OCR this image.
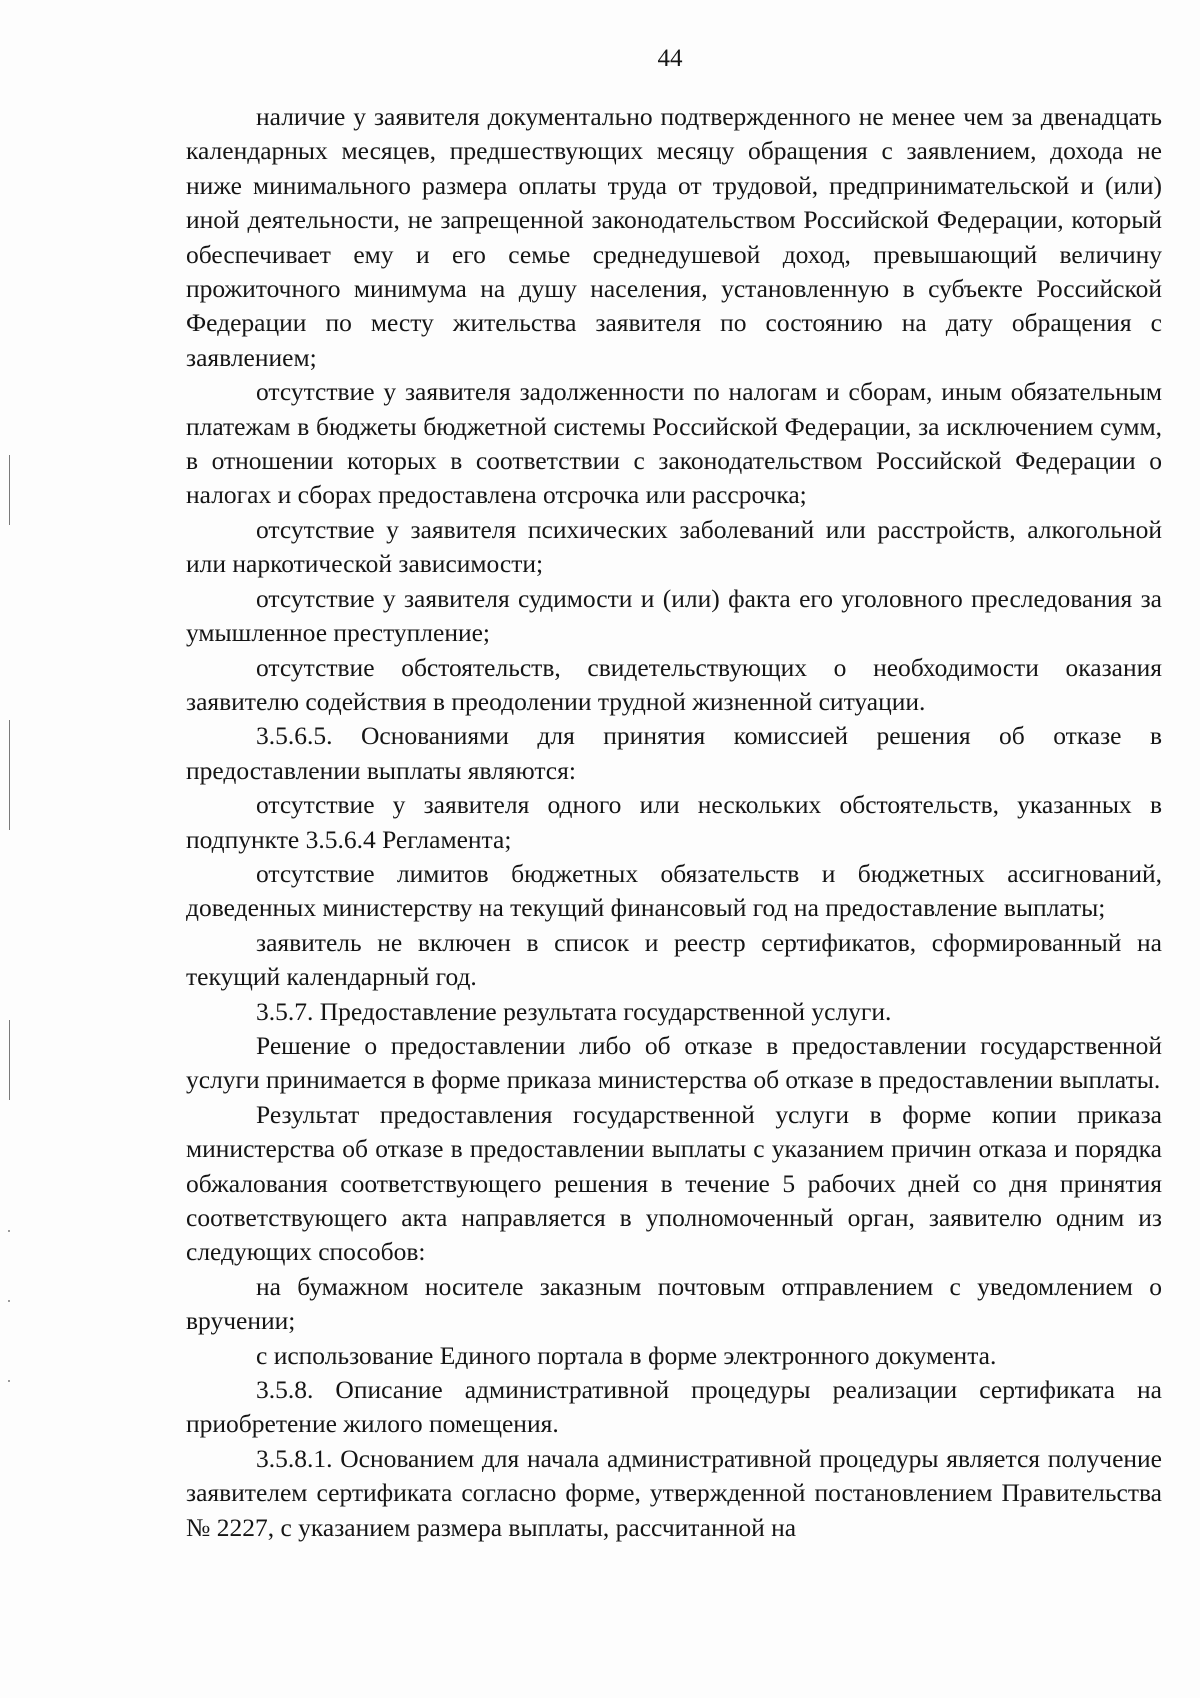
44

наличие у заявителя документально подтвержденного не менее чем за двенадцать календарных месяцев, предшествующих месяцу обращения с заявлением, дохода не ниже минимального размера оплаты труда от трудовой, предпринимательской и (или) иной деятельности, не запрещенной законодательством Российской Федерации, который обеспечивает ему и его семье среднедушевой доход, превышающий величину прожиточного минимума на душу населения, установленную в субъекте Российской Федерации по месту жительства заявителя по состоянию на дату обращения с заявлением;

отсутствие у заявителя задолженности по налогам и сборам, иным обязательным платежам в бюджеты бюджетной системы Российской Федерации, за исключением сумм, в отношении которых в соответствии с законодательством Российской Федерации о налогах и сборах предоставлена отсрочка или рассрочка;

отсутствие у заявителя психических заболеваний или расстройств, алкогольной или наркотической зависимости;

отсутствие у заявителя судимости и (или) факта его уголовного преследования за умышленное преступление;

отсутствие обстоятельств, свидетельствующих о необходимости оказания заявителю содействия в преодолении трудной жизненной ситуации.

3.5.6.5. Основаниями для принятия комиссией решения об отказе в предоставлении выплаты являются:

отсутствие у заявителя одного или нескольких обстоятельств, указанных в подпункте 3.5.6.4 Регламента;

отсутствие лимитов бюджетных обязательств и бюджетных ассигнований, доведенных министерству на текущий финансовый год на предоставление выплаты;

заявитель не включен в список и реестр сертификатов, сформированный на текущий календарный год.

3.5.7. Предоставление результата государственной услуги.

Решение о предоставлении либо об отказе в предоставлении государственной услуги принимается в форме приказа министерства об отказе в предоставлении выплаты.

Результат предоставления государственной услуги в форме копии приказа министерства об отказе в предоставлении выплаты с указанием причин отказа и порядка обжалования соответствующего решения в течение 5 рабочих дней со дня принятия соответствующего акта направляется в уполномоченный орган, заявителю одним из следующих способов:

на бумажном носителе заказным почтовым отправлением с уведомлением о вручении;

с использование Единого портала в форме электронного документа.

3.5.8. Описание административной процедуры реализации сертификата на приобретение жилого помещения.

3.5.8.1. Основанием для начала административной процедуры является получение заявителем сертификата согласно форме, утвержденной постановлением Правительства № 2227, с указанием размера выплаты, рассчитанной на
